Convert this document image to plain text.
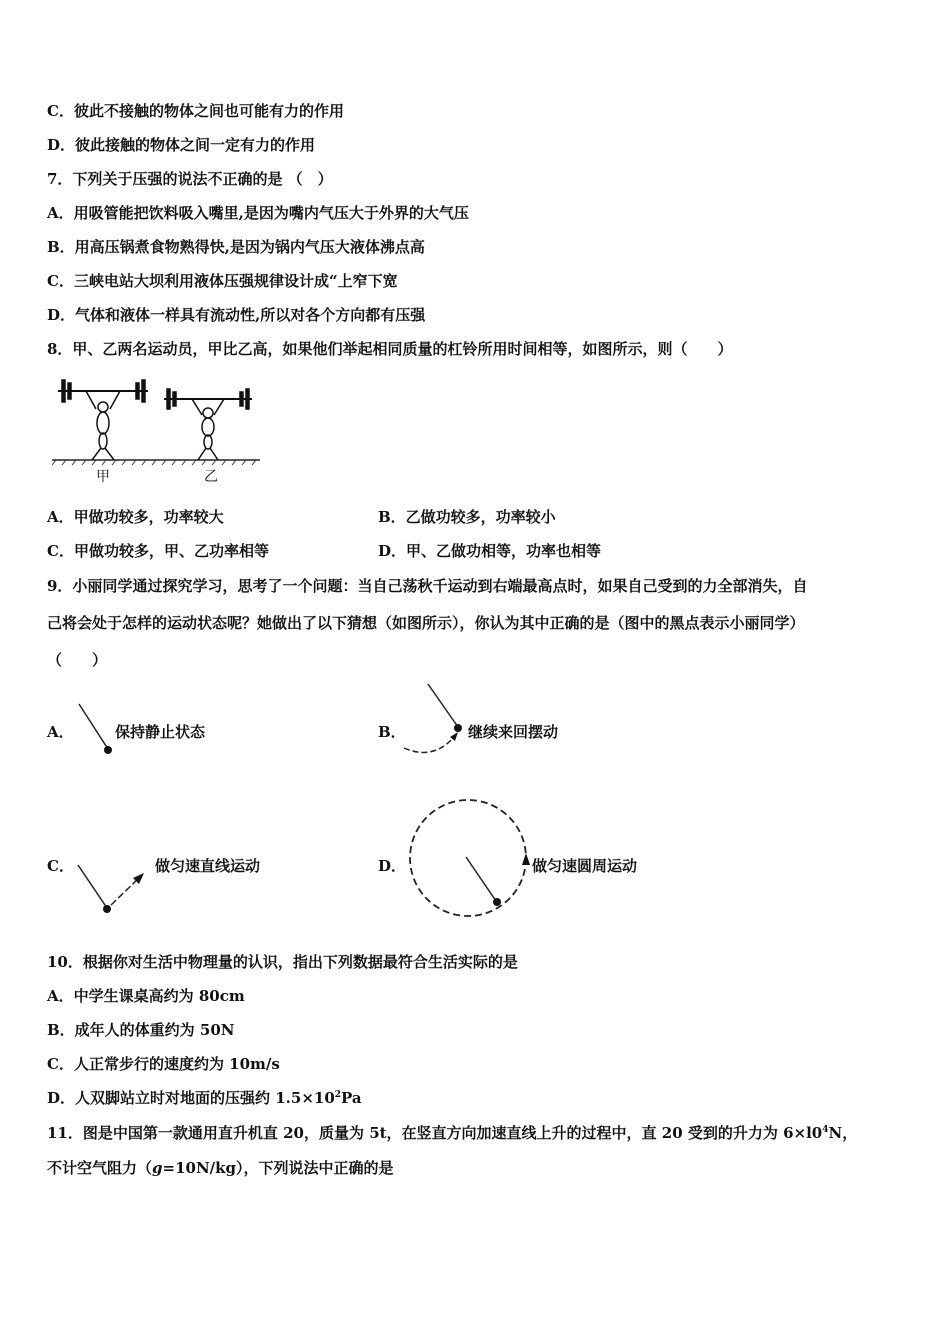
C．彼此不接触的物体之间也可能有力的作用
D．彼此接触的物体之间一定有力的作用
7．下列关于压强的说法不正确的是 （　）
A．用吸管能把饮料吸入嘴里,是因为嘴内气压大于外界的大气压
B．用高压锅煮食物熟得快,是因为锅内气压大液体沸点高
C．三峡电站大坝利用液体压强规律设计成“上窄下宽
D．气体和液体一样具有流动性,所以对各个方向都有压强
8．甲、乙两名运动员，甲比乙高，如果他们举起相同质量的杠铃所用时间相等，如图所示，则（　　）
甲	乙
A．甲做功较多，功率较大	B．乙做功较多，功率较小
C．甲做功较多，甲、乙功率相等	D．甲、乙做功相等，功率也相等
9．小丽同学通过探究学习，思考了一个问题：当自己荡秋千运动到右端最高点时，如果自己受到的力全部消失，自
己将会处于怎样的运动状态呢？她做出了以下猜想（如图所示），你认为其中正确的是（图中的黑点表示小丽同学）
（　　）
A．	保持静止状态	B．	继续来回摆动
C．	做匀速直线运动	D．	做匀速圆周运动
10．根据你对生活中物理量的认识，指出下列数据最符合生活实际的是
A．中学生课桌高约为 80cm
B．成年人的体重约为 50N
C．人正常步行的速度约为 10m/s
D．人双脚站立时对地面的压强约 $1.5\times 10^2Pa$
11．图是中国第一款通用直升机直 20，质量为 5t，在竖直方向加速直线上升的过程中，直 20 受到的升力为 $6\times l0^4N$，
不计空气阻力（g=10N/kg），下列说法中正确的是
